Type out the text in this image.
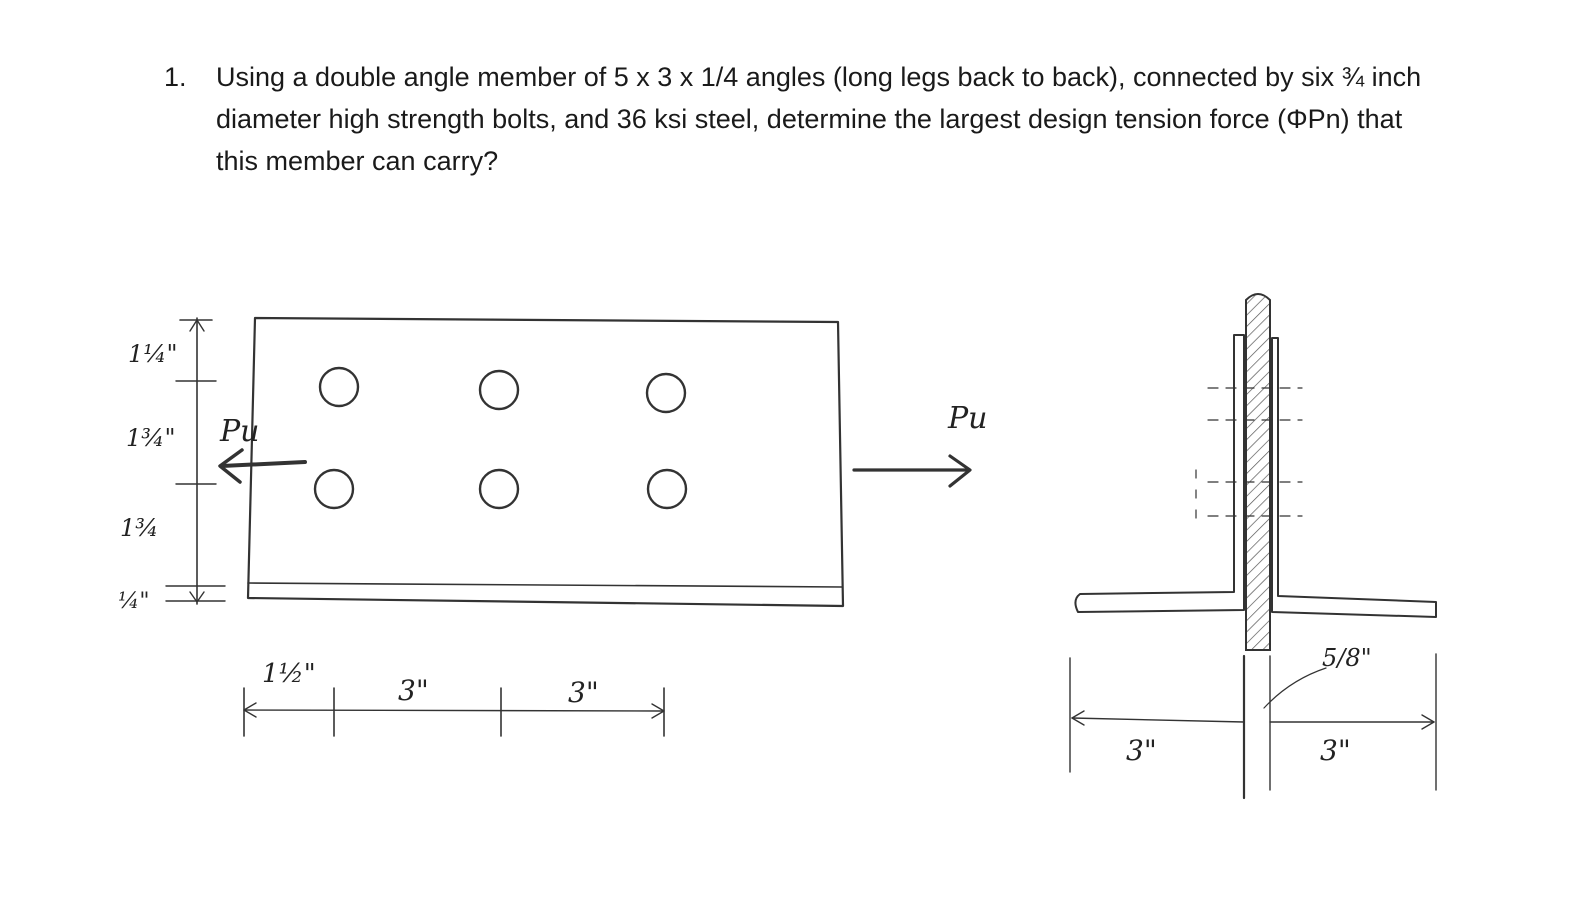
1. Using a double angle member of 5 x 3 x 1/4 angles (long legs back to back), connected by six ¾ inch diameter high strength bolts, and 36 ksi steel, determine the largest design tension force (ΦPn) that this member can carry?
Pu	Pu
1¼"
1¾"
1¾
¼"
1½"	3"	3"
3"	3"
5/8"
